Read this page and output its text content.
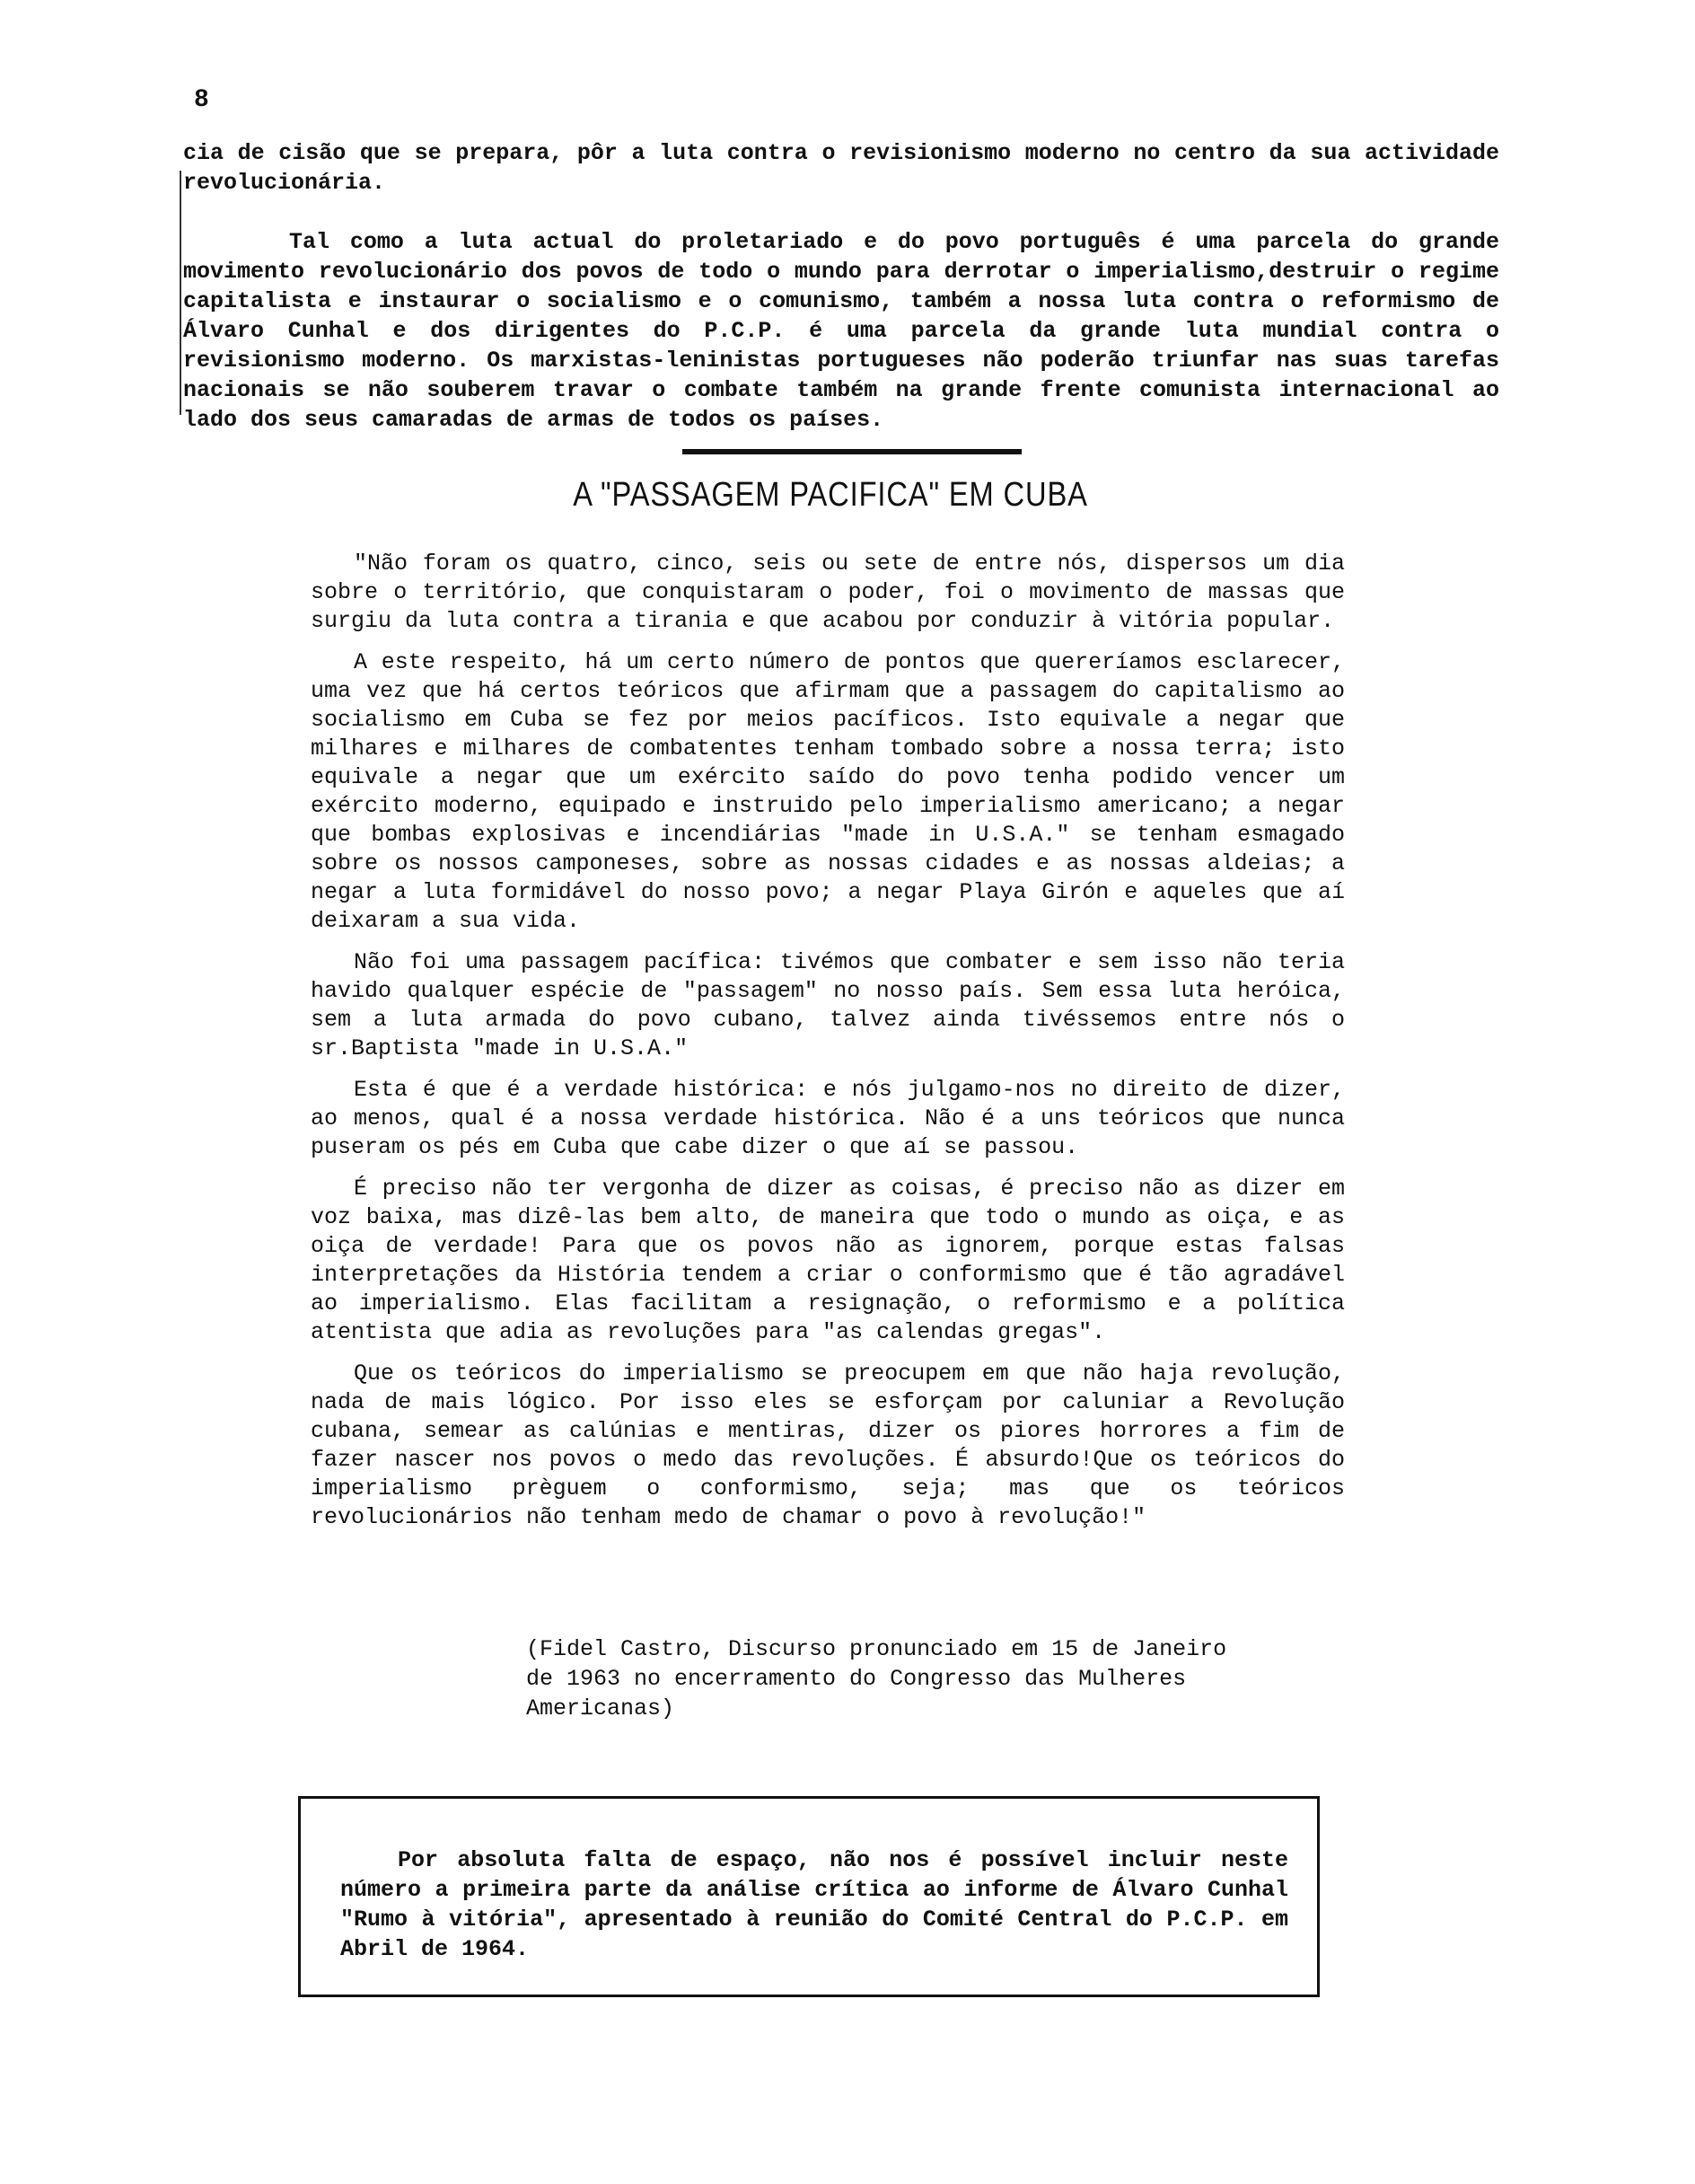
8
cia de cisão que se prepara, pôr a luta contra o revisionismo moderno no centro da sua actividade revolucionária.

Tal como a luta actual do proletariado e do povo português é uma parcela do grande movimento revolucionário dos povos de todo o mundo para derrotar o imperialismo,destruir o regime capitalista e instaurar o socialismo e o comunismo, também a nossa luta contra o reformismo de Álvaro Cunhal e dos dirigentes do P.C.P. é uma parcela da grande luta mundial contra o revisionismo moderno. Os marxistas-leninistas portugueses não poderão triunfar nas suas tarefas nacionais se não souberem travar o combate também na grande frente comunista internacional ao lado dos seus camaradas de armas de todos os países.
A "PASSAGEM PACIFICA" EM CUBA

"Não foram os quatro, cinco, seis ou sete de entre nós, dispersos um dia sobre o território, que conquistaram o poder, foi o movimento de massas que surgiu da luta contra a tirania e que acabou por conduzir à vitória popular.

A este respeito, há um certo número de pontos que quereríamos esclarecer, uma vez que há certos teóricos que afirmam que a passagem do capitalismo ao socialismo em Cuba se fez por meios pacíficos. Isto equivale a negar que milhares e milhares de combatentes tenham tombado sobre a nossa terra; isto equivale a negar que um exército saído do povo tenha podido vencer um exército moderno, equipado e instruido pelo imperialismo americano; a negar que bombas explosivas e incendiárias "made in U.S.A." se tenham esmagado sobre os nossos camponeses, sobre as nossas cidades e as nossas aldeias; a negar a luta formidável do nosso povo; a negar Playa Girón e aqueles que aí deixaram a sua vida.

Não foi uma passagem pacífica: tivémos que combater e sem isso não teria havido qualquer espécie de "passagem" no nosso país. Sem essa luta heróica, sem a luta armada do povo cubano, talvez ainda tivéssemos entre nós o sr.Baptista "made in U.S.A."

Esta é que é a verdade histórica: e nós julgamo-nos no direito de dizer, ao menos, qual é a nossa verdade histórica. Não é a uns teóricos que nunca puseram os pés em Cuba que cabe dizer o que aí se passou.

É preciso não ter vergonha de dizer as coisas, é preciso não as dizer em voz baixa, mas dizê-las bem alto, de maneira que todo o mundo as oiça, e as oiça de verdade! Para que os povos não as ignorem, porque estas falsas interpretações da História tendem a criar o conformismo que é tão agradável ao imperialismo. Elas facilitam a resignação, o reformismo e a política atentista que adia as revoluções para "as calendas gregas".

Que os teóricos do imperialismo se preocupem em que não haja revolução, nada de mais lógico. Por isso eles se esforçam por caluniar a Revolução cubana, semear as calúnias e mentiras, dizer os piores horrores a fim de fazer nascer nos povos o medo das revoluções. É absurdo!Que os teóricos do imperialismo prèguem o conformismo, seja; mas que os teóricos revolucionários não tenham medo de chamar o povo à revolução!"

(Fidel Castro, Discurso pronunciado em 15 de Janeiro
de 1963 no encerramento do Congresso das Mulheres
Americanas)
Por absoluta falta de espaço, não nos é possível incluir neste número a primeira parte da análise crítica ao informe de Álvaro Cunhal "Rumo à vitória", apresentado à reunião do Comité Central do P.C.P. em Abril de 1964.
